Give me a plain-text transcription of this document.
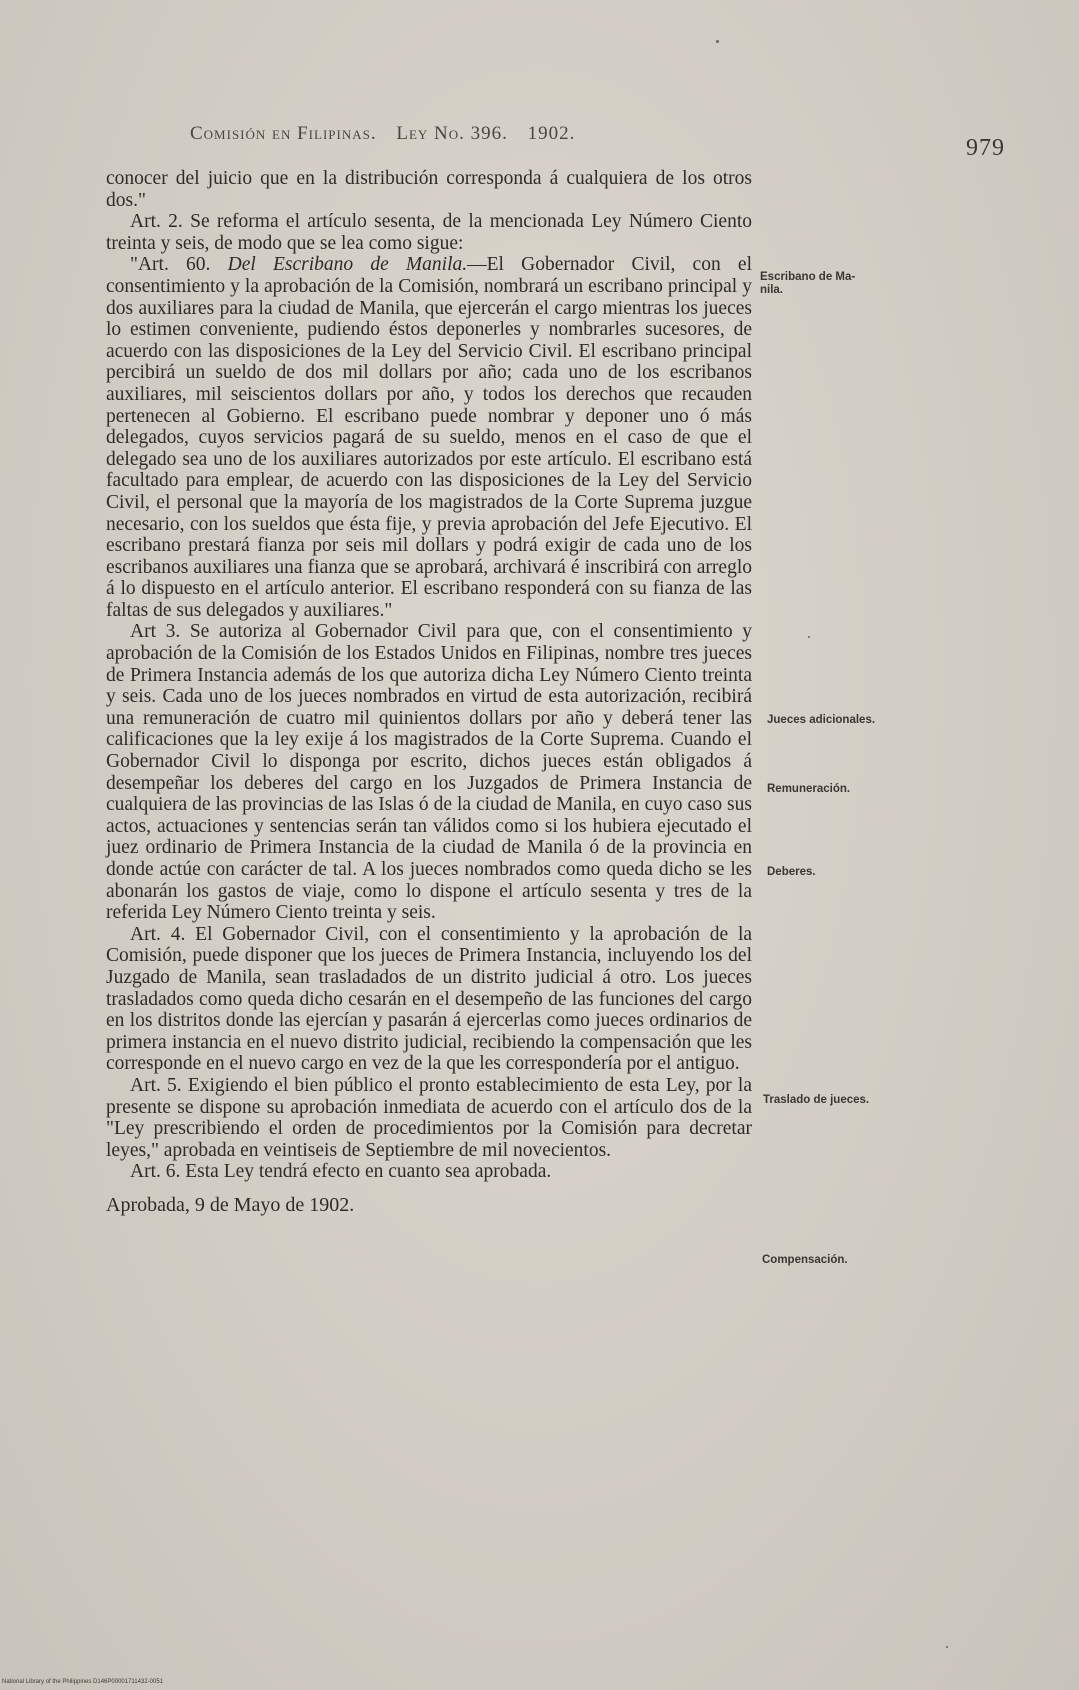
Comisión en Filipinas. Ley No. 396. 1902.
979

conocer del juicio que en la distribución corresponda á cualquiera de los otros dos."

Art. 2. Se reforma el artículo sesenta, de la mencionada Ley Número Ciento treinta y seis, de modo que se lea como sigue:

"Art. 60. Del Escribano de Manila.—El Gobernador Civil, con el consentimiento y la aprobación de la Comisión, nombrará un escribano principal y dos auxiliares para la ciudad de Manila, que ejercerán el cargo mientras los jueces lo estimen conveniente, pudiendo éstos deponerles y nombrarles sucesores, de acuerdo con las disposiciones de la Ley del Servicio Civil. El escribano principal percibirá un sueldo de dos mil dollars por año; cada uno de los escribanos auxiliares, mil seiscientos dollars por año, y todos los derechos que recauden pertenecen al Gobierno. El escribano puede nombrar y deponer uno ó más delegados, cuyos servicios pagará de su sueldo, menos en el caso de que el delegado sea uno de los auxiliares autorizados por este artículo. El escribano está facultado para emplear, de acuerdo con las disposiciones de la Ley del Servicio Civil, el personal que la mayoría de los magistrados de la Corte Suprema juzgue necesario, con los sueldos que ésta fije, y previa aprobación del Jefe Ejecutivo. El escribano prestará fianza por seis mil dollars y podrá exigir de cada uno de los escribanos auxiliares una fianza que se aprobará, archivará é inscribirá con arreglo á lo dispuesto en el artículo anterior. El escribano responderá con su fianza de las faltas de sus delegados y auxiliares."

Art 3. Se autoriza al Gobernador Civil para que, con el consentimiento y aprobación de la Comisión de los Estados Unidos en Filipinas, nombre tres jueces de Primera Instancia además de los que autoriza dicha Ley Número Ciento treinta y seis. Cada uno de los jueces nombrados en virtud de esta autorización, recibirá una remuneración de cuatro mil quinientos dollars por año y deberá tener las calificaciones que la ley exije á los magistrados de la Corte Suprema. Cuando el Gobernador Civil lo disponga por escrito, dichos jueces están obligados á desempeñar los deberes del cargo en los Juzgados de Primera Instancia de cualquiera de las provincias de las Islas ó de la ciudad de Manila, en cuyo caso sus actos, actuaciones y sentencias serán tan válidos como si los hubiera ejecutado el juez ordinario de Primera Instancia de la ciudad de Manila ó de la provincia en donde actúe con carácter de tal. A los jueces nombrados como queda dicho se les abonarán los gastos de viaje, como lo dispone el artículo sesenta y tres de la referida Ley Número Ciento treinta y seis.

Art. 4. El Gobernador Civil, con el consentimiento y la aprobación de la Comisión, puede disponer que los jueces de Primera Instancia, incluyendo los del Juzgado de Manila, sean trasladados de un distrito judicial á otro. Los jueces trasladados como queda dicho cesarán en el desempeño de las funciones del cargo en los distritos donde las ejercían y pasarán á ejercerlas como jueces ordinarios de primera instancia en el nuevo distrito judicial, recibiendo la compensación que les corresponde en el nuevo cargo en vez de la que les correspondería por el antiguo.

Art. 5. Exigiendo el bien público el pronto establecimiento de esta Ley, por la presente se dispone su aprobación inmediata de acuerdo con el artículo dos de la "Ley prescribiendo el orden de procedimientos por la Comisión para decretar leyes," aprobada en veintiseis de Septiembre de mil novecientos.

Art. 6. Esta Ley tendrá efecto en cuanto sea aprobada.

Aprobada, 9 de Mayo de 1902.

Escribano de Ma-
nila.
Jueces adicionales.
Remuneración.
Deberes.
Traslado de jueces.
Compensación.
National Library of the Philippines D146P00001711432-0051
